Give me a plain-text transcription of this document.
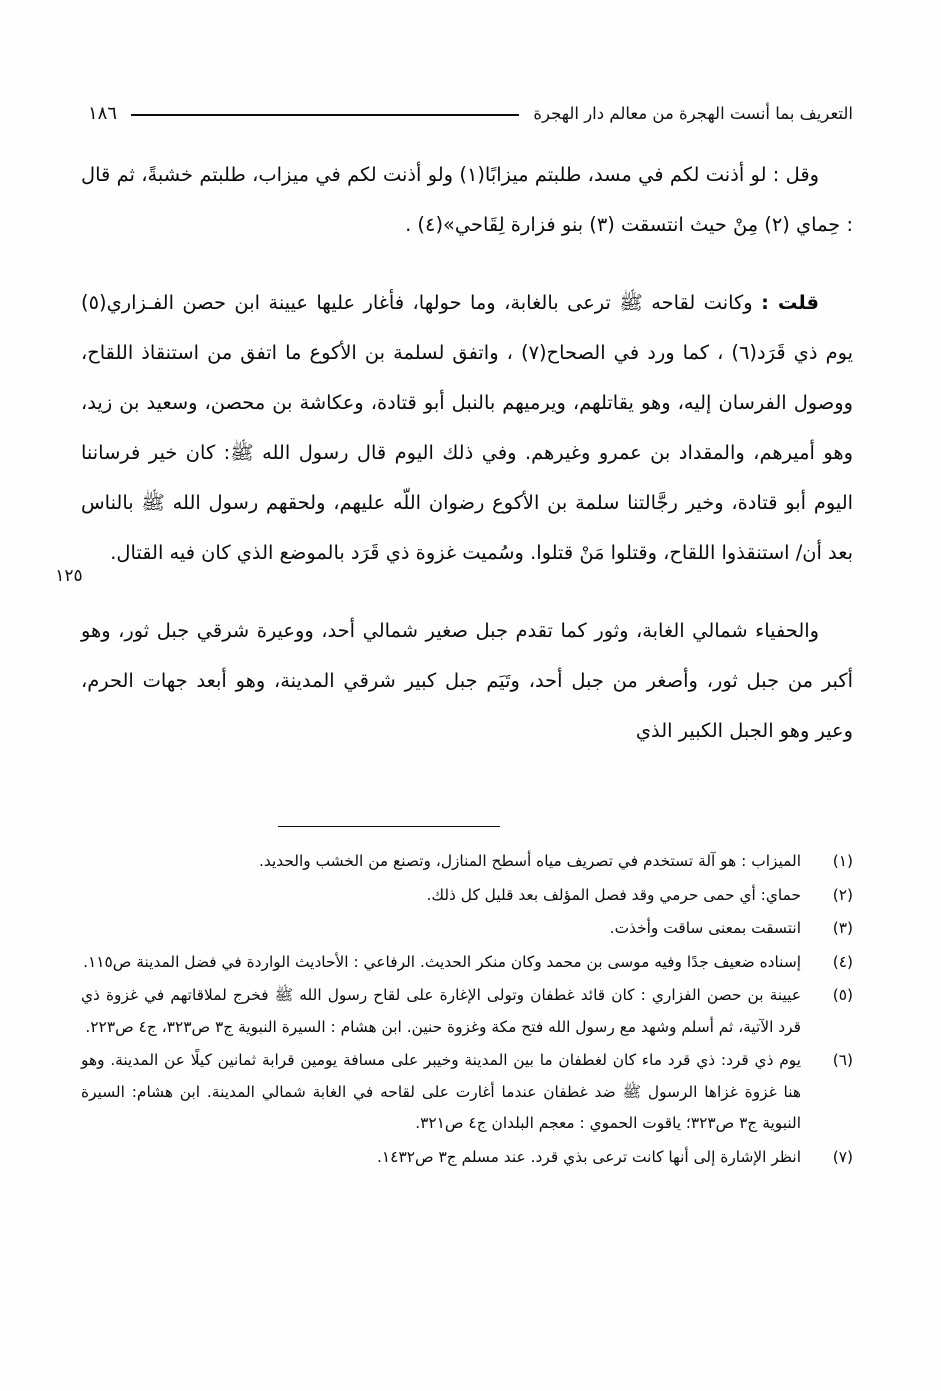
التعريف بما أنست الهجرة من معالم دار الهجرة
١٨٦

وقل : لو أذنت لكم في مسد، طلبتم ميزابًا(١) ولو أذنت لكم في ميزاب، طلبتم خشبةً، ثم قال : حِماي (٢) مِنْ حيث انتسقت (٣) بنو فزارة لِقَاحي»(٤) .

قلت : وكانت لقاحه ﷺ ترعى بالغابة، وما حولها، فأغار عليها عيينة ابن حصن الفـزاري(٥) يوم ذي قَرَد(٦) ، كما ورد في الصحاح(٧) ، واتفق لسلمة بن الأكوع ما اتفق من استنقاذ اللقاح، ووصول الفرسان إليه، وهو يقاتلهم، ويرميهم بالنبل أبو قتادة، وعكاشة بن محصن، وسعيد بن زيد، وهو أميرهم، والمقداد بن عمرو وغيرهم. وفي ذلك اليوم قال رسول الله ﷺ: كان خير فرساننا اليوم أبو قتادة، وخير رجَّالتنا سلمة بن الأكوع رضوان اللّه عليهم، ولحقهم رسول الله ﷺ بالناس بعد أن/ استنقذوا اللقاح، وقتلوا مَنْ قتلوا. وسُميت غزوة ذي قَرَد بالموضع الذي كان فيه القتال.

والحفياء شمالي الغابة، وثور كما تقدم جبل صغير شمالي أحد، ووعيرة شرقي جبل ثور، وهو أكبر من جبل ثور، وأصغر من جبل أحد، وتَيَم جبل كبير شرقي المدينة، وهو أبعد جهات الحرم، وعير وهو الجبل الكبير الذي

١٢٥
(١)
الميزاب : هو آلة تستخدم في تصريف مياه أسطح المنازل، وتصنع من الخشب والحديد.
(٢)
حماي: أي حمى حرمي وقد فصل المؤلف بعد قليل كل ذلك.
(٣)
انتسقت بمعنى ساقت وأخذت.
(٤)
إسناده ضعيف جدًا وفيه موسى بن محمد وكان منكر الحديث. الرفاعي : الأحاديث الواردة في فضل المدينة ص١١٥.
(٥)
عيينة بن حصن الفزاري : كان قائد غطفان وتولى الإغارة على لقاح رسول الله ﷺ فخرج لملاقاتهم في غزوة ذي قرد الآتية، ثم أسلم وشهد مع رسول الله فتح مكة وغزوة حنين. ابن هشام : السيرة النبوية ج٣ ص٣٢٣، ج٤ ص٢٢٣.
(٦)
يوم ذي قرد: ذي قرد ماء كان لغطفان ما بين المدينة وخيبر على مسافة يومين قرابة ثمانين كيلًا عن المدينة. وهو هنا غزوة غزاها الرسول ﷺ ضد غطفان عندما أغارت على لقاحه في الغابة شمالي المدينة. ابن هشام: السيرة النبوية ج٣ ص٣٢٣؛ ياقوت الحموي : معجم البلدان ج٤ ص٣٢١.
(٧)
انظر الإشارة إلى أنها كانت ترعى بذي قرد. عند مسلم ج٣ ص١٤٣٢.
